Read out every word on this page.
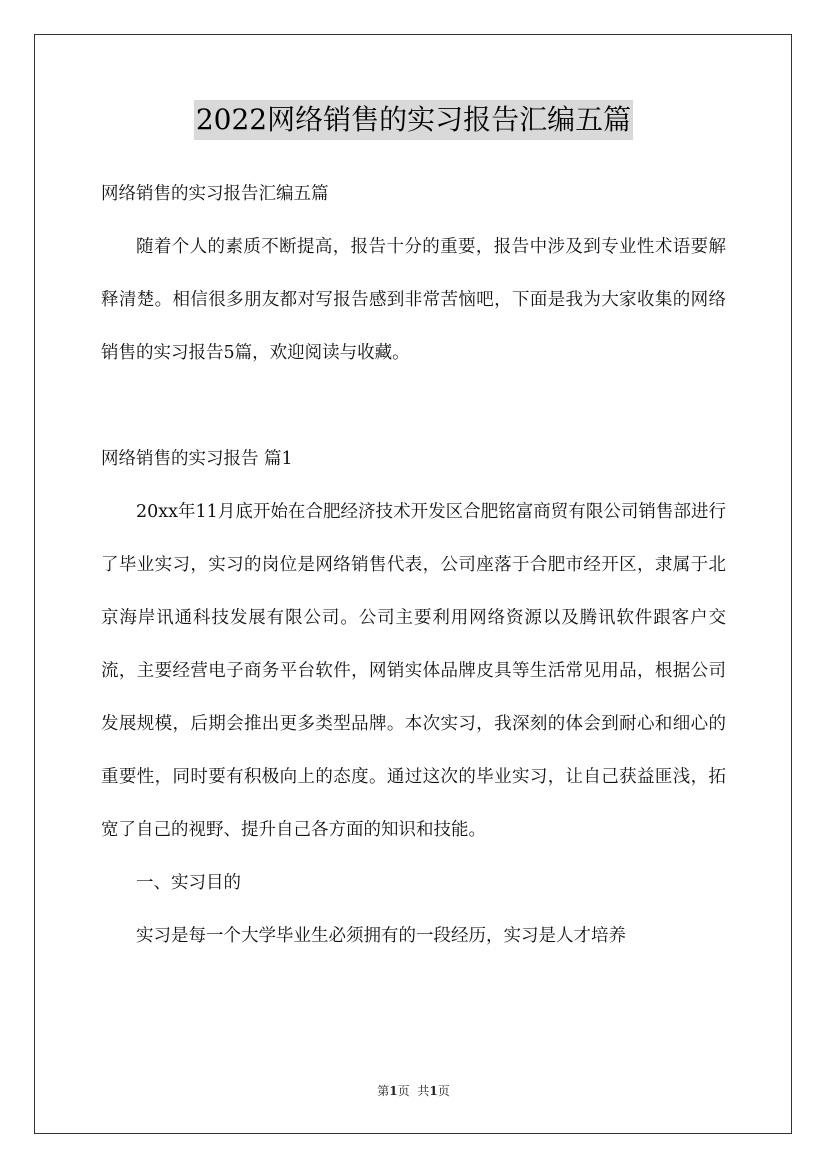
2022网络销售的实习报告汇编五篇

网络销售的实习报告汇编五篇

随着个人的素质不断提高，报告十分的重要，报告中涉及到专业性术语要解释清楚。相信很多朋友都对写报告感到非常苦恼吧，下面是我为大家收集的网络销售的实习报告5篇，欢迎阅读与收藏。

网络销售的实习报告 篇1

20xx年11月底开始在合肥经济技术开发区合肥铭富商贸有限公司销售部进行了毕业实习，实习的岗位是网络销售代表，公司座落于合肥市经开区，隶属于北京海岸讯通科技发展有限公司。公司主要利用网络资源以及腾讯软件跟客户交流，主要经营电子商务平台软件，网销实体品牌皮具等生活常见用品，根据公司发展规模，后期会推出更多类型品牌。本次实习，我深刻的体会到耐心和细心的重要性，同时要有积极向上的态度。通过这次的毕业实习，让自己获益匪浅，拓宽了自己的视野、提升自己各方面的知识和技能。

一、实习目的

实习是每一个大学毕业生必须拥有的一段经历，实习是人才培养

第1页 共1页
